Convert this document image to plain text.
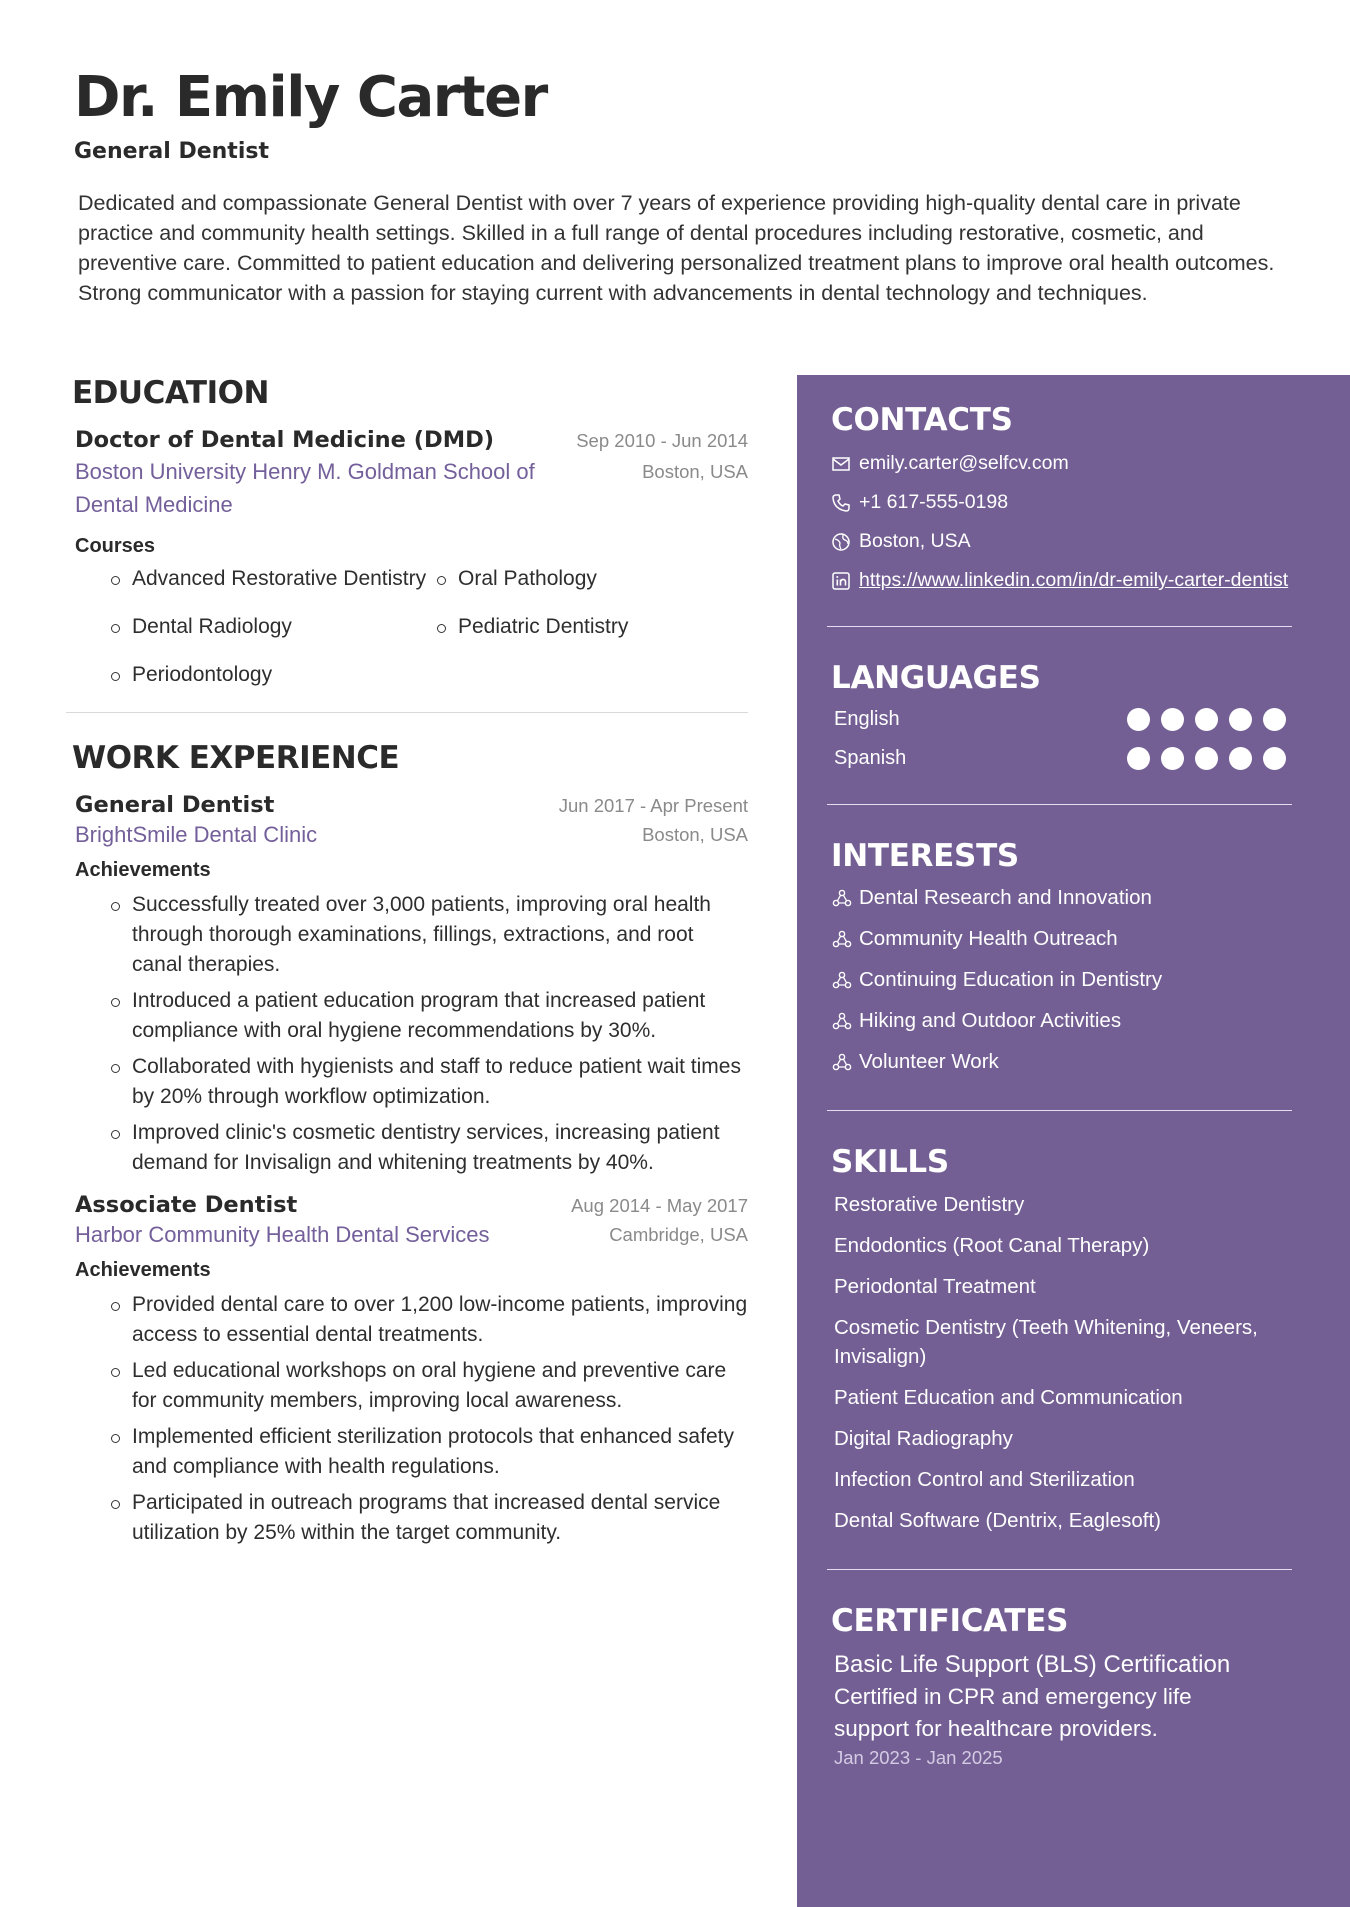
Dr. Emily Carter
General Dentist

Dedicated and compassionate General Dentist with over 7 years of experience providing high-quality dental care in private practice and community health settings. Skilled in a full range of dental procedures including restorative, cosmetic, and preventive care. Committed to patient education and delivering personalized treatment plans to improve oral health outcomes. Strong communicator with a passion for staying current with advancements in dental technology and techniques.

EDUCATION
Doctor of Dental Medicine (DMD)	Sep 2010 - Jun 2014
Boston University Henry M. Goldman School of Dental Medicine
Boston, USA
Courses
Advanced Restorative Dentistry	Oral Pathology
Dental Radiology	Pediatric Dentistry
Periodontology
WORK EXPERIENCE
General Dentist	Jun 2017 - Apr Present
BrightSmile Dental Clinic	Boston, USA
Achievements
Successfully treated over 3,000 patients, improving oral health through thorough examinations, fillings, extractions, and root canal therapies.
Introduced a patient education program that increased patient compliance with oral hygiene recommendations by 30%.
Collaborated with hygienists and staff to reduce patient wait times by 20% through workflow optimization.
Improved clinic's cosmetic dentistry services, increasing patient demand for Invisalign and whitening treatments by 40%.
Associate Dentist	Aug 2014 - May 2017
Harbor Community Health Dental Services	Cambridge, USA
Achievements
Provided dental care to over 1,200 low-income patients, improving access to essential dental treatments.
Led educational workshops on oral hygiene and preventive care for community members, improving local awareness.
Implemented efficient sterilization protocols that enhanced safety and compliance with health regulations.
Participated in outreach programs that increased dental service utilization by 25% within the target community.
CONTACTS
emily.carter@selfcv.com
+1 617-555-0198
Boston, USA
https://www.linkedin.com/in/dr-emily-carter-dentist
LANGUAGES
English
Spanish
INTERESTS
Dental Research and Innovation
Community Health Outreach
Continuing Education in Dentistry
Hiking and Outdoor Activities
Volunteer Work
SKILLS
Restorative Dentistry
Endodontics (Root Canal Therapy)
Periodontal Treatment
Cosmetic Dentistry (Teeth Whitening, Veneers, Invisalign)
Patient Education and Communication
Digital Radiography
Infection Control and Sterilization
Dental Software (Dentrix, Eaglesoft)
CERTIFICATES
Basic Life Support (BLS) Certification
Certified in CPR and emergency life support for healthcare providers.
Jan 2023 - Jan 2025
